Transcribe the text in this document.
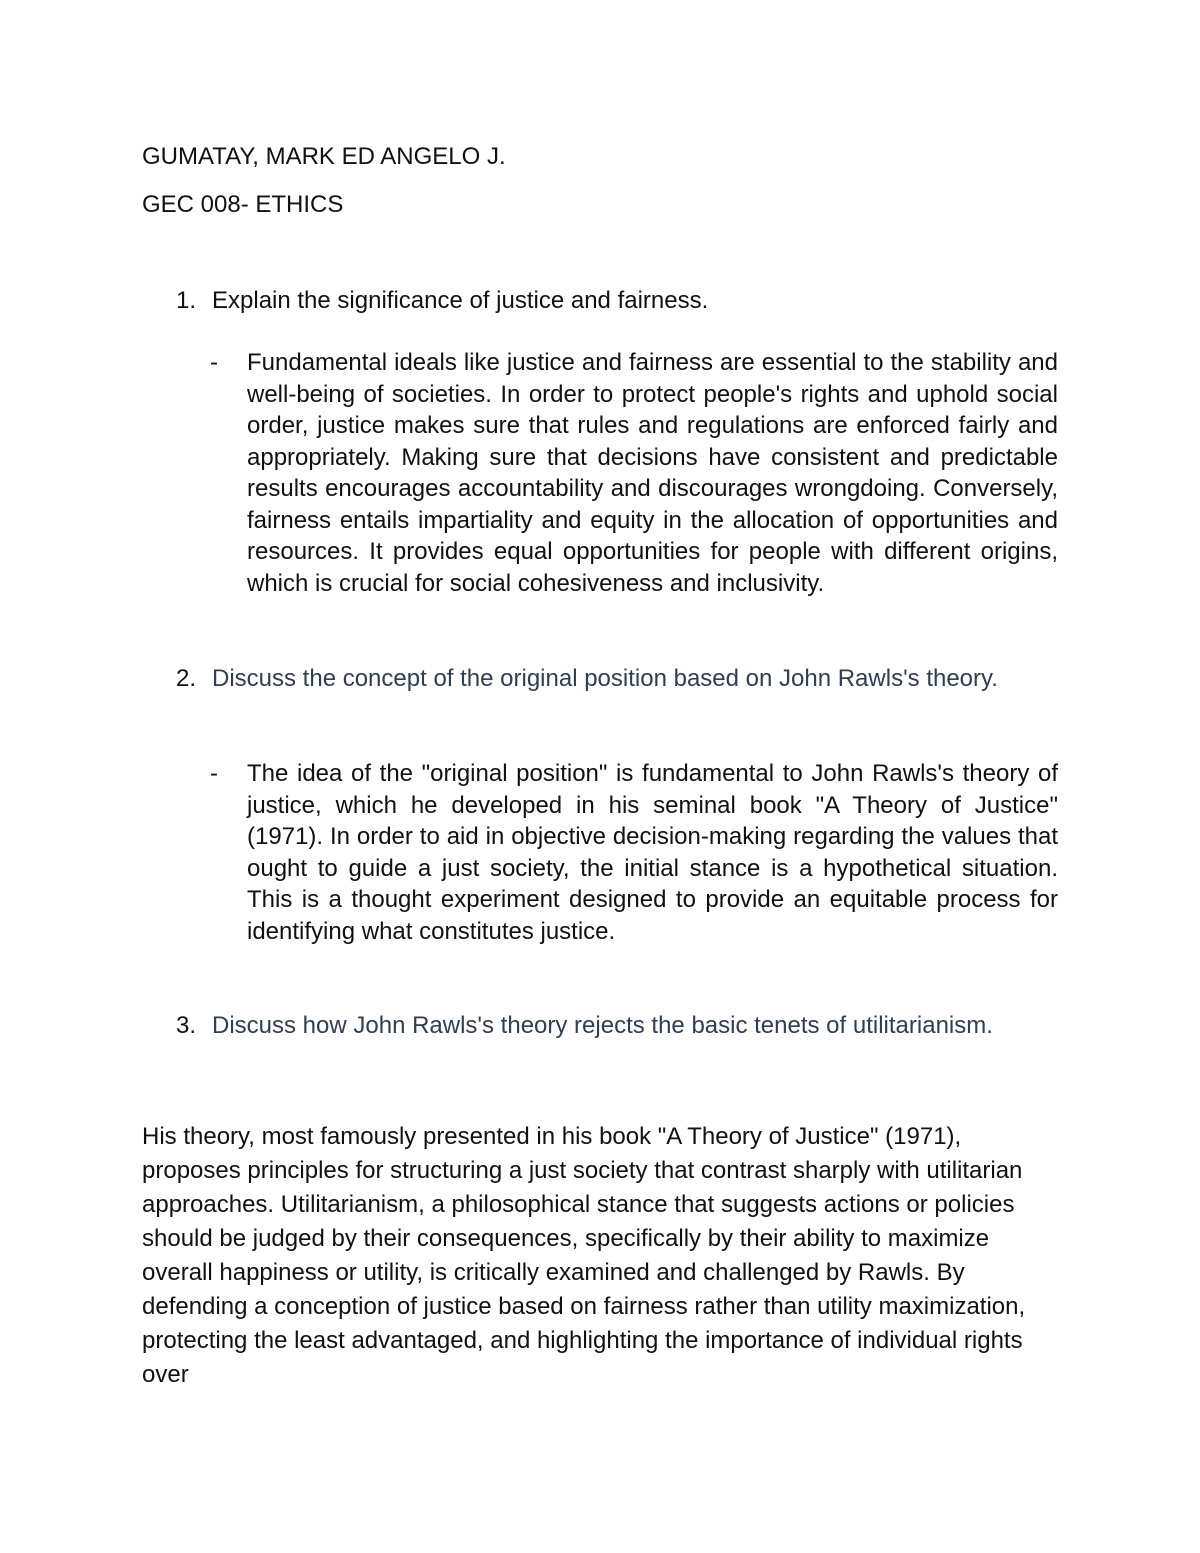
GUMATAY, MARK ED ANGELO J.
GEC 008- ETHICS
1. Explain the significance of justice and fairness.
- Fundamental ideals like justice and fairness are essential to the stability and well-being of societies. In order to protect people's rights and uphold social order, justice makes sure that rules and regulations are enforced fairly and appropriately. Making sure that decisions have consistent and predictable results encourages accountability and discourages wrongdoing. Conversely, fairness entails impartiality and equity in the allocation of opportunities and resources. It provides equal opportunities for people with different origins, which is crucial for social cohesiveness and inclusivity.
2. Discuss the concept of the original position based on John Rawls's theory.
- The idea of the "original position" is fundamental to John Rawls's theory of justice, which he developed in his seminal book "A Theory of Justice" (1971). In order to aid in objective decision-making regarding the values that ought to guide a just society, the initial stance is a hypothetical situation. This is a thought experiment designed to provide an equitable process for identifying what constitutes justice.
3. Discuss how John Rawls's theory rejects the basic tenets of utilitarianism.
His theory, most famously presented in his book "A Theory of Justice" (1971), proposes principles for structuring a just society that contrast sharply with utilitarian approaches. Utilitarianism, a philosophical stance that suggests actions or policies should be judged by their consequences, specifically by their ability to maximize overall happiness or utility, is critically examined and challenged by Rawls. By defending a conception of justice based on fairness rather than utility maximization, protecting the least advantaged, and highlighting the importance of individual rights over
